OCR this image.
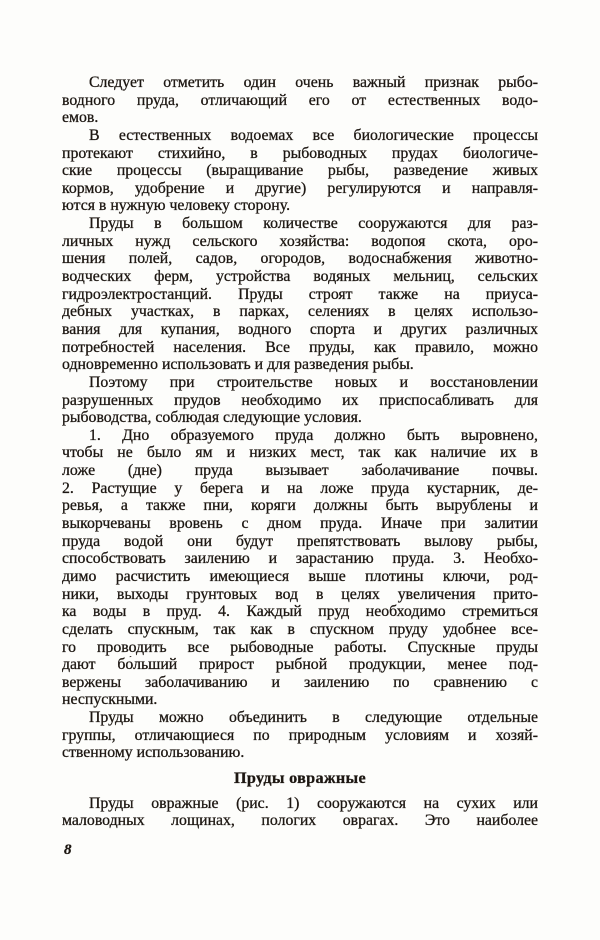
Следует отметить один очень важный признак рыбо-
водного пруда, отличающий его от естественных водо-
емов.
В естественных водоемах все биологические процессы
протекают стихийно, в рыбоводных прудах биологиче-
ские процессы (выращивание рыбы, разведение живых
кормов, удобрение и другие) регулируются и направля-
ются в нужную человеку сторону.
Пруды в большом количестве сооружаются для раз-
личных нужд сельского хозяйства: водопоя скота, оро-
шения полей, садов, огородов, водоснабжения животно-
водческих ферм, устройства водяных мельниц, сельских
гидроэлектростанций. Пруды строят также на приуса-
дебных участках, в парках, селениях в целях использо-
вания для купания, водного спорта и других различных
потребностей населения. Все пруды, как правило, можно
одновременно использовать и для разведения рыбы.
Поэтому при строительстве новых и восстановлении
разрушенных прудов необходимо их приспосабливать для
рыбоводства, соблюдая следующие условия.
1. Дно образуемого пруда должно быть выровнено,
чтобы не было ям и низких мест, так как наличие их в
ложе (дне) пруда вызывает заболачивание почвы.
2. Растущие у берега и на ложе пруда кустарник, де-
ревья, а также пни, коряги должны быть вырублены и
выкорчеваны вровень с дном пруда. Иначе при залитии
пруда водой они будут препятствовать вылову рыбы,
способствовать заилению и зарастанию пруда. 3. Необхо-
димо расчистить имеющиеся выше плотины ключи, род-
ники, выходы грунтовых вод в целях увеличения прито-
ка воды в пруд. 4. Каждый пруд необходимо стремиться
сделать спускным, так как в спускном пруду удобнее все-
го проводить все рыбоводные работы. Спускные пруды
дают бо́льший прирост рыбной продукции, менее под-
вержены заболачиванию и заилению по сравнению с
неспускными.
Пруды можно объединить в следующие отдельные
группы, отличающиеся по природным условиям и хозяй-
ственному использованию.
Пруды овражные
Пруды овражные (рис. 1) сооружаются на сухих или
маловодных лощинах, пологих оврагах. Это наиболее
8
